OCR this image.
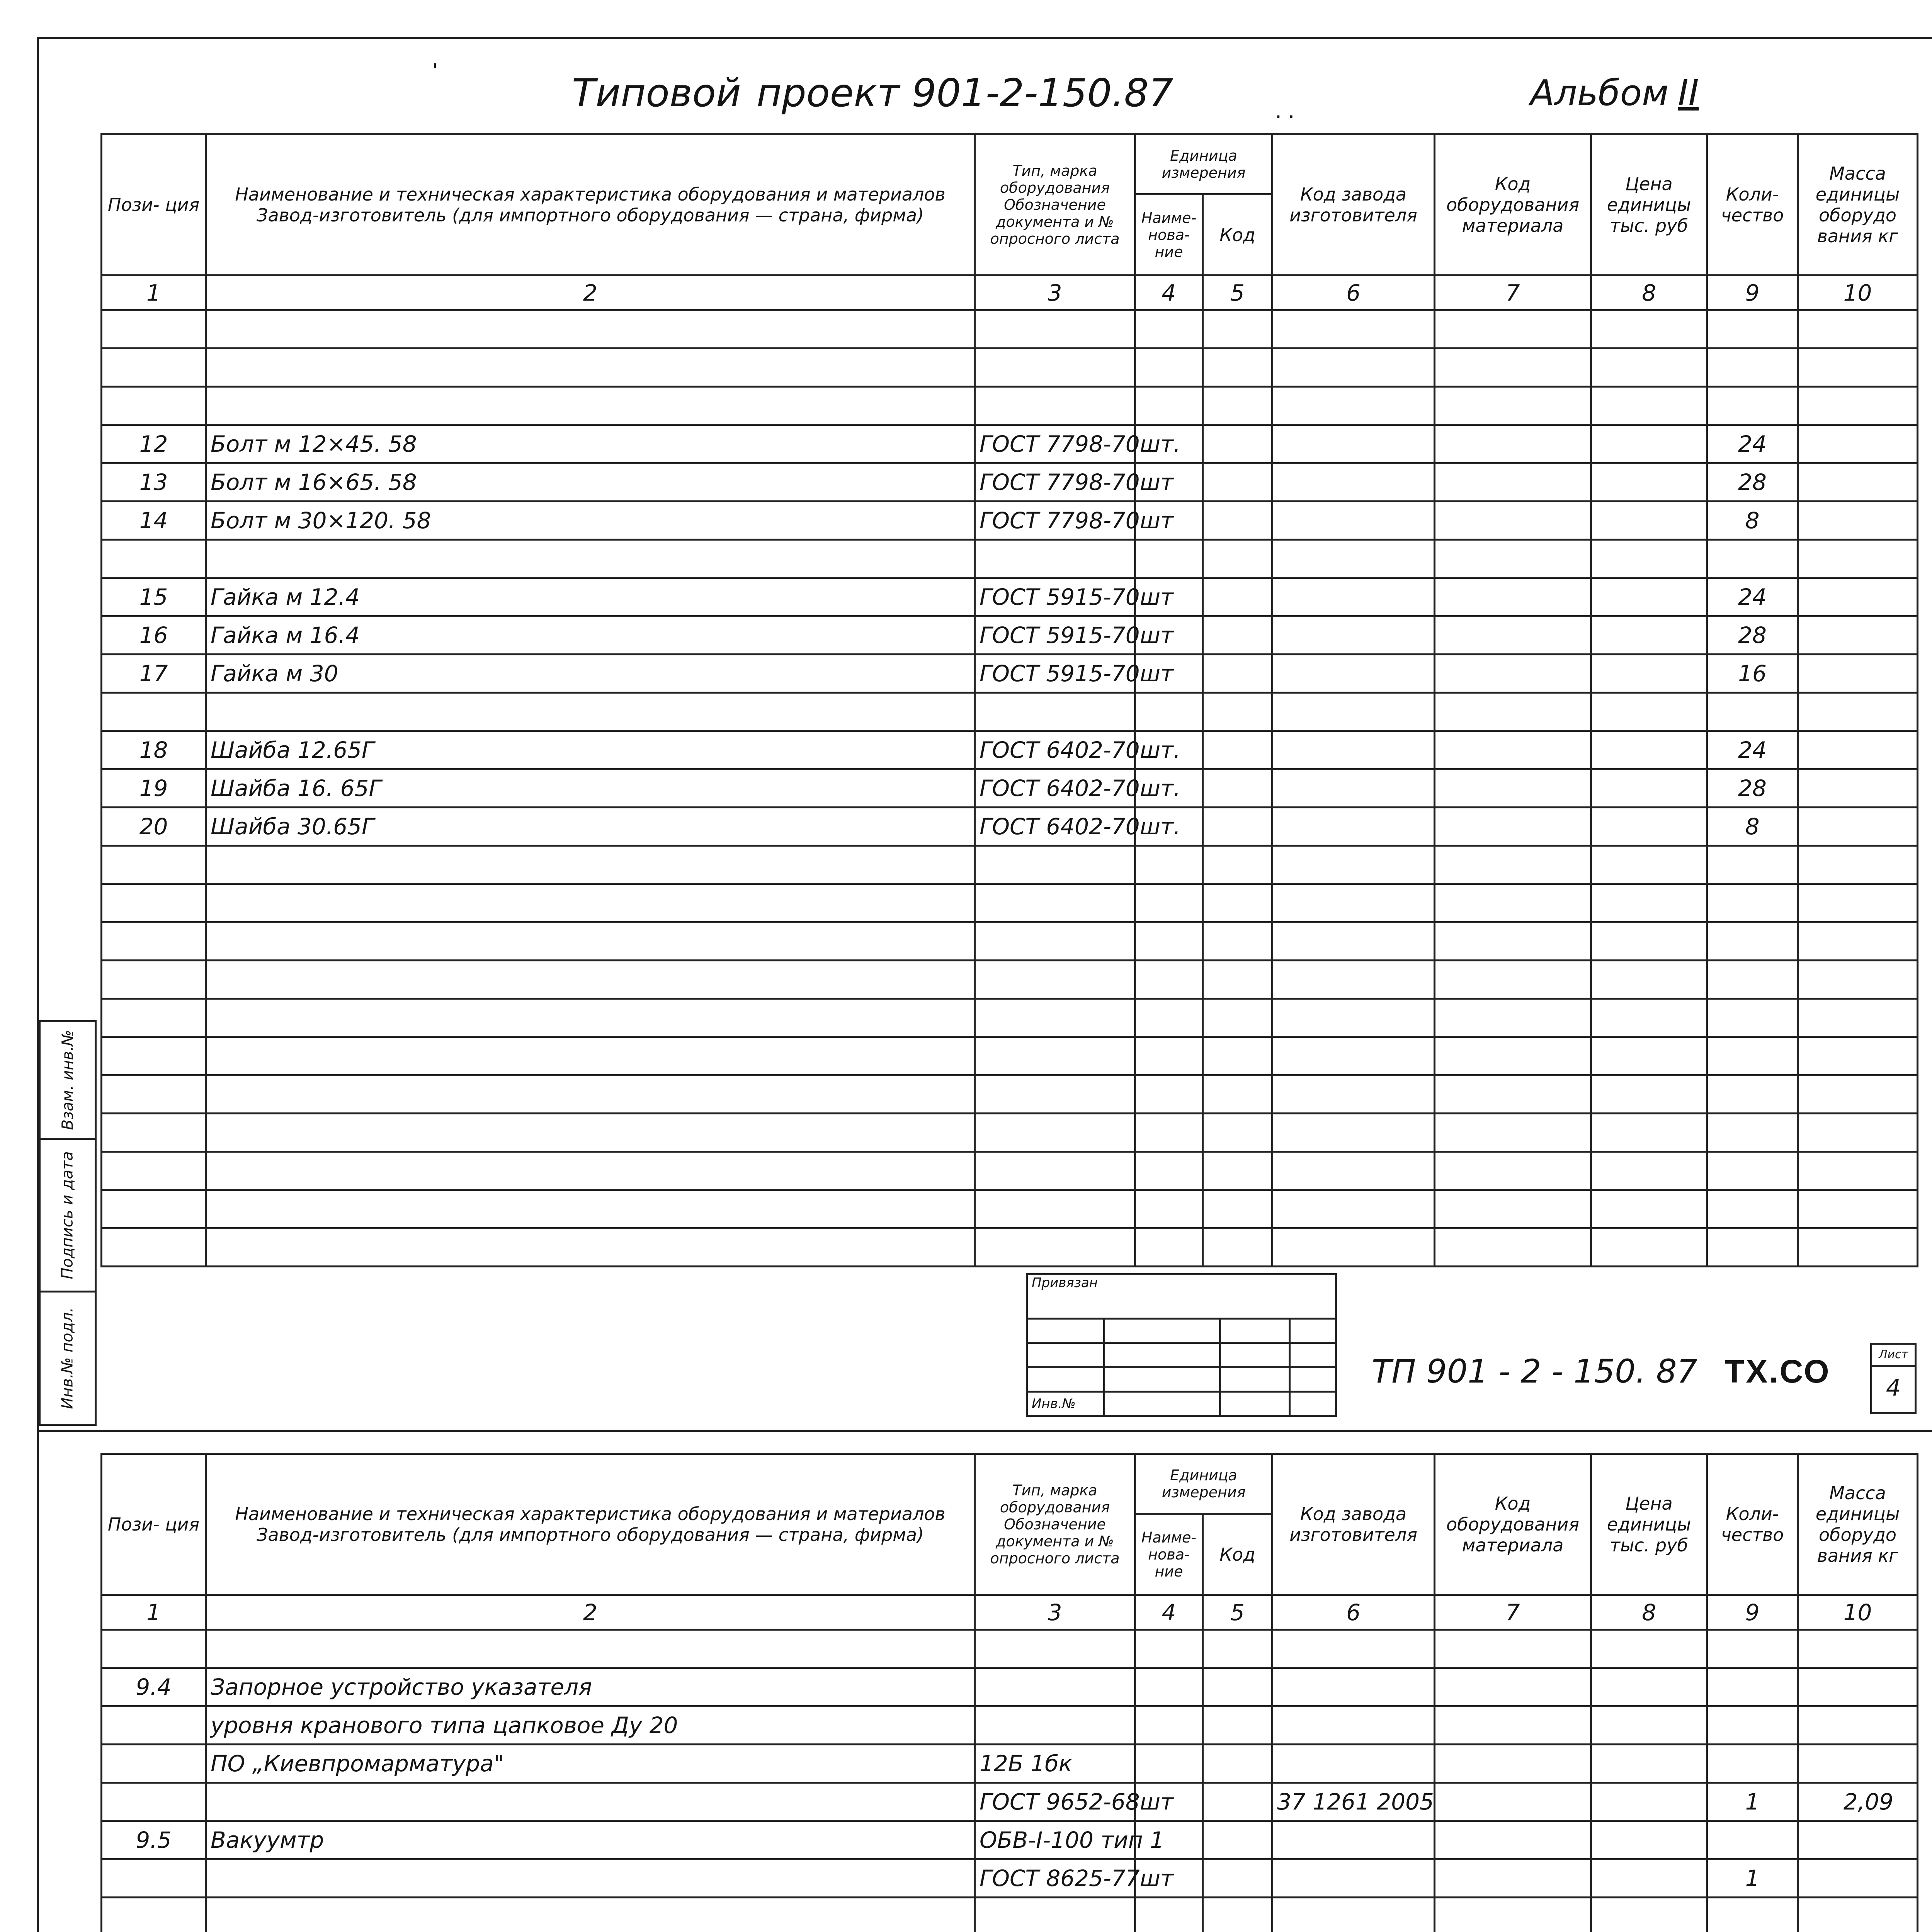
Типовой проект 901-2-150.87
'
. .	Альбом II
Пози- ция	Наименование и техническая характеристика оборудования и материалов Завод-изготовитель (для импортного оборудования — страна, фирма)	Тип, марка оборудования Обозначение документа и № опросного листа	Единица измерения		Код завода изготовителя	Код оборудования материала	Цена единицы тыс. руб	Коли- чество	Масса единицы оборудо вания кг
			Наиме- нова- ние	Код					
1	2	3	4	5	6	7	8	9	10

12	Болт м 12×45. 58	ГОСТ 7798-70	шт.					24	
13	Болт м 16×65. 58	ГОСТ 7798-70	шт					28	
14	Болт м 30×120. 58	ГОСТ 7798-70	шт					8	

15	Гайка м 12.4	ГОСТ 5915-70	шт					24	
16	Гайка м 16.4	ГОСТ 5915-70	шт					28	
17	Гайка м 30	ГОСТ 5915-70	шт					16	

18	Шайба 12.65Г	ГОСТ 6402-70	шт.					24	
19	Шайба 16. 65Г	ГОСТ 6402-70	шт.					28	
20	Шайба 30.65Г	ГОСТ 6402-70	шт.					8	

Привязан			

Инв.№			
ТП 901 - 2 - 150. 87 ТХ.СО	Лист
4
Взам. инв.№
Подпись и дата
Инв.№ подл.
Пози- ция	Наименование и техническая характеристика оборудования и материалов Завод-изготовитель (для импортного оборудования — страна, фирма)	Тип, марка оборудования Обозначение документа и № опросного листа	Единица измерения		Код завода изготовителя	Код оборудования материала	Цена единицы тыс. руб	Коли- чество	Масса единицы оборудо вания кг
			Наиме- нова- ние	Код					
1	2	3	4	5	6	7	8	9	10

9.4	Запорное устройство указателя								
	уровня кранового типа цапковое Ду 20								
	ПО „Киевпромарматура"	12Б 1бк							
		ГОСТ 9652-68	шт		37 1261 2005			1	2,09
9.5	Вакуумтр	ОБВ-I-100 тип 1							
		ГОСТ 8625-77	шт					1	
